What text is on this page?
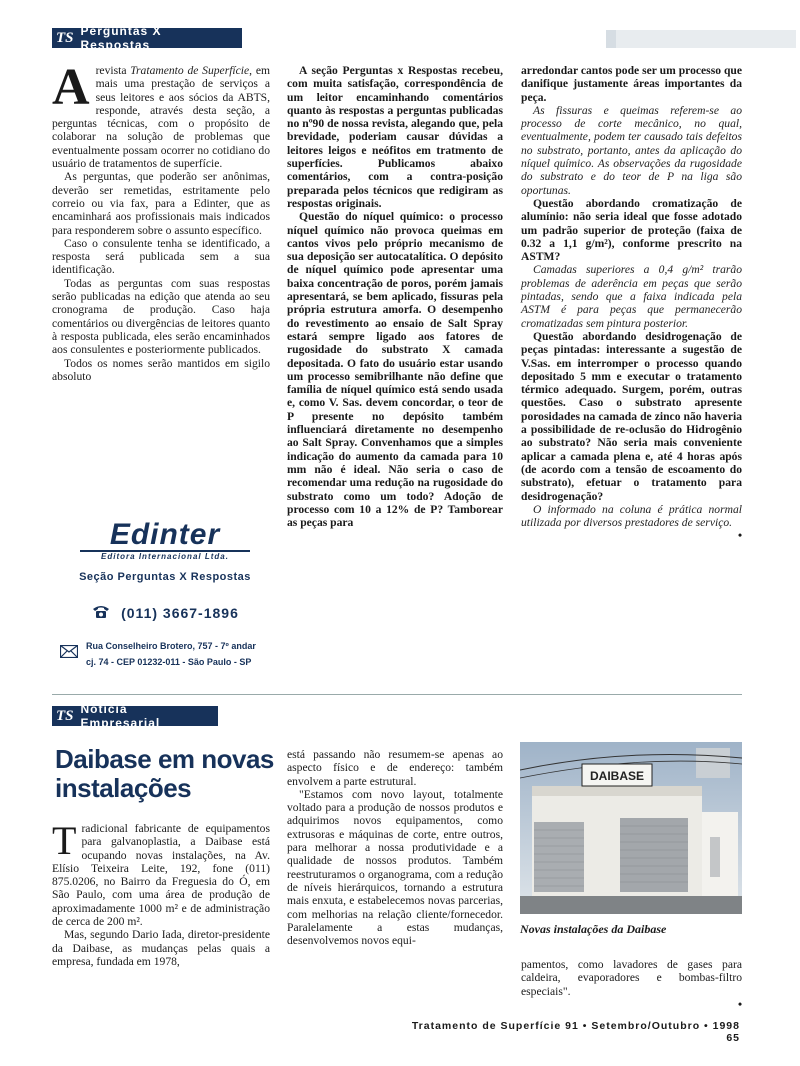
TS Perguntas X Respostas

A revista Tratamento de Superfície, em mais uma prestação de serviços a seus leitores e aos sócios da ABTS, responde, através desta seção, a perguntas técnicas, com o propósito de colaborar na solução de problemas que eventualmente possam ocorrer no cotidiano do usuário de tratamentos de superfície.

As perguntas, que poderão ser anônimas, deverão ser remetidas, estritamente pelo correio ou via fax, para a Edinter, que as encaminhará aos profissionais mais indicados para responderem sobre o assunto específico.

Caso o consulente tenha se identificado, a resposta será publicada sem a sua identificação.

Todas as perguntas com suas respostas serão publicadas na edição que atenda ao seu cronograma de produção. Caso haja comentários ou divergências de leitores quanto à resposta publicada, eles serão encaminhados aos consulentes e posteriormente publicados.

Todos os nomes serão mantidos em sigilo absoluto

Edinter
Editora Internacional Ltda.
Seção Perguntas X Respostas
(011) 3667-1896
Rua Conselheiro Brotero, 757 - 7º andar
cj. 74 - CEP 01232-011 - São Paulo - SP

A seção Perguntas x Respostas recebeu, com muita satisfação, correspondência de um leitor encaminhando comentários quanto às respostas a perguntas publicadas no nº90 de nossa revista, alegando que, pela brevidade, poderiam causar dúvidas a leitores leigos e neófitos em tratmento de superfícies. Publicamos abaixo comentários, com a contra-posição preparada pelos técnicos que redigiram as respostas originais.

Questão do níquel químico: o processo níquel químico não provoca queimas em cantos vivos pelo próprio mecanismo de sua deposição ser autocatalítica. O depósito de níquel químico pode apresentar uma baixa concentração de poros, porém jamais apresentará, se bem aplicado, fissuras pela própria estrutura amorfa. O desempenho do revestimento ao ensaio de Salt Spray estará sempre ligado aos fatores de rugosidade do substrato X camada depositada. O fato do usuário estar usando um processo semibrilhante não define que família de níquel químico está sendo usada e, como V. Sas. devem concordar, o teor de P presente no depósito também influenciará diretamente no desempenho ao Salt Spray. Convenhamos que a simples indicação do aumento da camada para 10 mm não é ideal. Não seria o caso de recomendar uma redução na rugosidade do substrato como um todo? Adoção de processo com 10 a 12% de P? Tamborear as peças para

arredondar cantos pode ser um processo que danifique justamente áreas importantes da peça.

As fissuras e queimas referem-se ao processo de corte mecânico, no qual, eventualmente, podem ter causado tais defeitos no substrato, portanto, antes da aplicação do níquel químico. As observações da rugosidade do substrato e do teor de P na liga são oportunas.

Questão abordando cromatização de alumínio: não seria ideal que fosse adotado um padrão superior de proteção (faixa de 0.32 a 1,1 g/m²), conforme prescrito na ASTM?

Camadas superiores a 0,4 g/m² trarão problemas de aderência em peças que serão pintadas, sendo que a faixa indicada pela ASTM é para peças que permanecerão cromatizadas sem pintura posterior.

Questão abordando desidrogenação de peças pintadas: interessante a sugestão de V.Sas. em interromper o processo quando depositado 5 mm e executar o tratamento térmico adequado. Surgem, porém, outras questões. Caso o substrato apresente porosidades na camada de zinco não haveria a possibilidade de re-oclusão do Hidrogênio ao substrato? Não seria mais conveniente aplicar a camada plena e, até 4 horas após (de acordo com a tensão de escoamento do substrato), efetuar o tratamento para desidrogenação?

O informado na coluna é prática normal utilizada por diversos prestadores de serviço.

•
TS Notícia Empresarial
Daibase em novas instalações

Tradicional fabricante de equipamentos para galvanoplastia, a Daibase está ocupando novas instalações, na Av. Elísio Teixeira Leite, 192, fone (011) 875.0206, no Bairro da Freguesia do Ó, em São Paulo, com uma área de produção de aproximadamente 1000 m² e de administração de cerca de 200 m².

Mas, segundo Dario Iada, diretor-presidente da Daibase, as mudanças pelas quais a empresa, fundada em 1978,

está passando não resumem-se apenas ao aspecto físico e de endereço: também envolvem a parte estrutural.

"Estamos com novo layout, totalmente voltado para a produção de nossos produtos e adquirimos novos equipamentos, como extrusoras e máquinas de corte, entre outros, para melhorar a nossa produtividade e a qualidade de nossos produtos. Também reestruturamos o organograma, com a redução de níveis hierárquicos, tornando a estrutura mais enxuta, e estabelecemos novas parcerias, com melhorias na relação cliente/fornecedor. Paralelamente a estas mudanças, desenvolvemos novos equi-

DAIBASE
Novas instalações da Daibase

pamentos, como lavadores de gases para caldeira, evaporadores e bombas-filtro especiais".

•
Tratamento de Superfície 91 • Setembro/Outubro • 1998 65
